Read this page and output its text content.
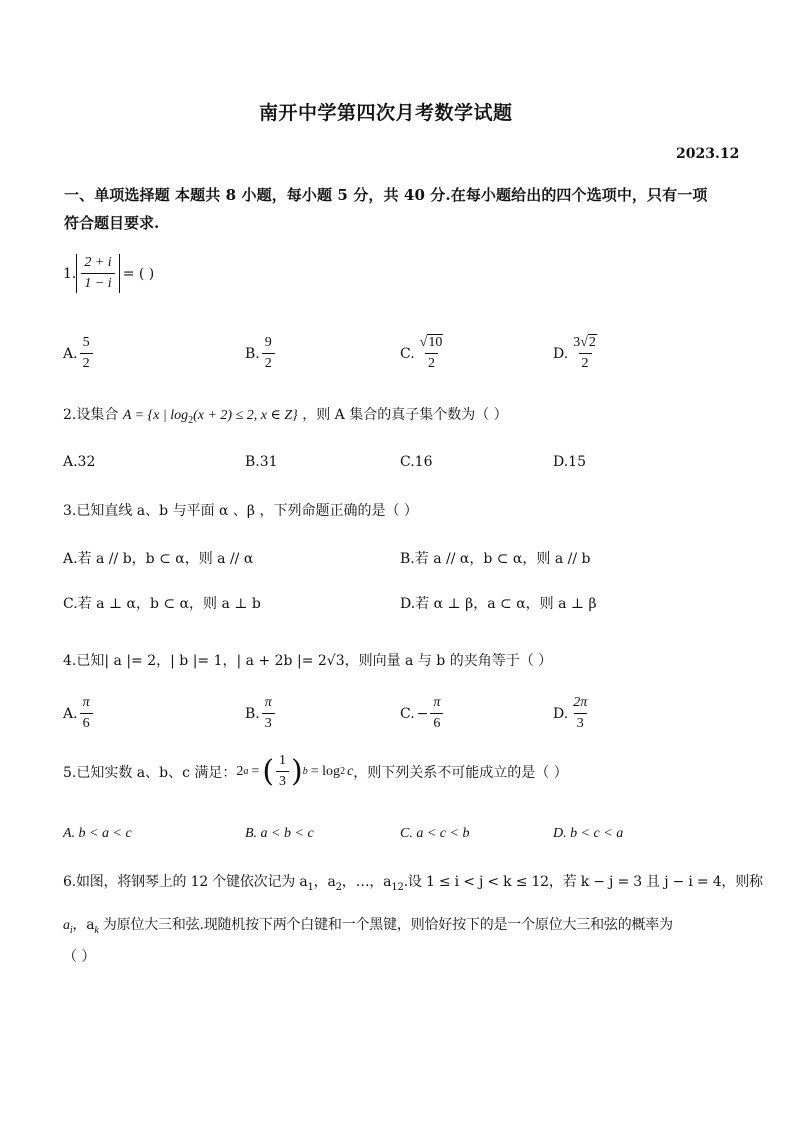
南开中学第四次月考数学试题
2023.12
一、单项选择题 本题共 8 小题，每小题 5 分，共 40 分.在每小题给出的四个选项中，只有一项
符合题目要求.
1. $\frac{2 + i}{1 - i}$ = ( )
A. $\frac{5}{2}$	B. $\frac{9}{2}$	C. $\frac{√10}{2}$	D. $\frac{3√2}{2}$
2.设集合 A = {x | $\log_2(x + 2) \le 2$, x ∈ Z} ，则 A 集合的真子集个数为（ ）
A.32	B.31	C.16	D.15
3.已知直线 a、b 与平面 α 、β ，下列命题正确的是（ ）
A.若 a // b，b ⊂ α，则 a // α	B.若 a // α，b ⊂ α，则 a // b
C.若 a ⊥ α，b ⊂ α，则 a ⊥ b	D.若 α ⊥ β，a ⊂ α，则 a ⊥ β
4.已知| a |= 2，| b |= 1，| a + 2b |= 2√3，则向量 a 与 b 的夹角等于（ ）
A. $\frac{\pi}{6}$	B. $\frac{\pi}{3}$	C. − $\frac{\pi}{6}$	D. $\frac{2\pi}{3}$
5.已知实数 a、b、c 满足： 2 a = ( $\frac{1}{3}$ ) b = log 2 c ，则下列关系不可能成立的是（ ）
A. b < a < c	B. a < b < c	C. a < c < b	D. b < c < a
6.如图，将钢琴上的 12 个键依次记为 $a_1$，$a_2$，…，$a_{12}$.设 1 ≤ i < j < k ≤ 12，若 k − j = 3 且 j − i = 4，则称
$a_i$，$a_k$ 为原位大三和弦.现随机按下两个白键和一个黑键，则恰好按下的是一个原位大三和弦的概率为
（ ）
